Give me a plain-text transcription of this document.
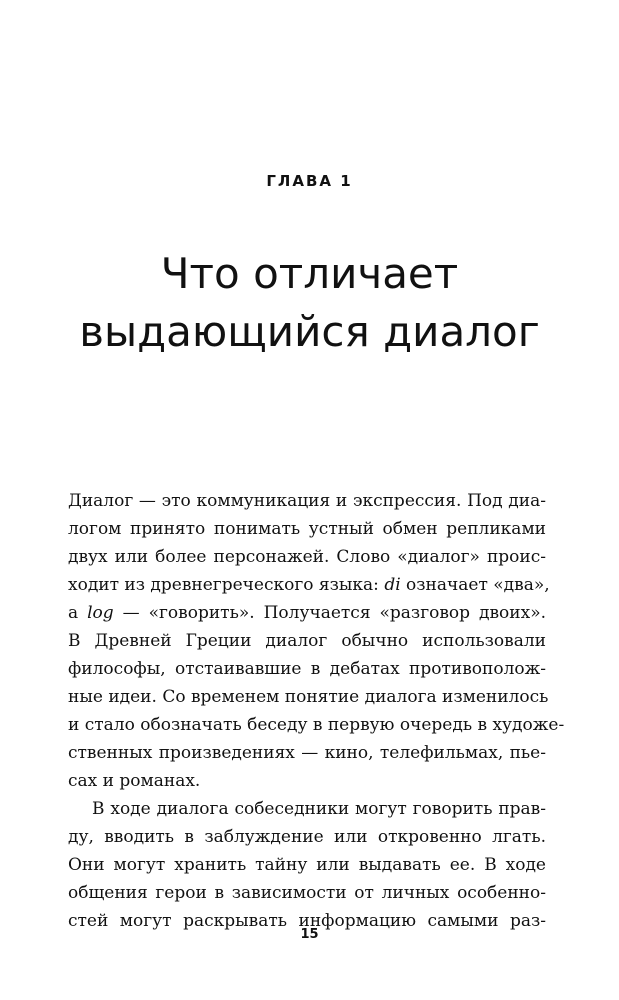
ГЛАВА 1
Что отличает
выдающийся диалог
Диалог — это коммуникация и экспрессия. Под диа-
логом принято понимать устный обмен репликами
двух или более персонажей. Слово «диалог» проис-
ходит из древнегреческого языка: di означает «два»,
а log — «говорить». Получается «разговор двоих».
В Древней Греции диалог обычно использовали
философы, отстаивавшие в дебатах противополож-
ные идеи. Со временем понятие диалога изменилось
и стало обозначать беседу в первую очередь в художе-
ственных произведениях — кино, телефильмах, пье-
сах и романах.
В ходе диалога собеседники могут говорить прав-
ду, вводить в заблуждение или откровенно лгать.
Они могут хранить тайну или выдавать ее. В ходе
общения герои в зависимости от личных особенно-
стей могут раскрывать информацию самыми раз-
15
